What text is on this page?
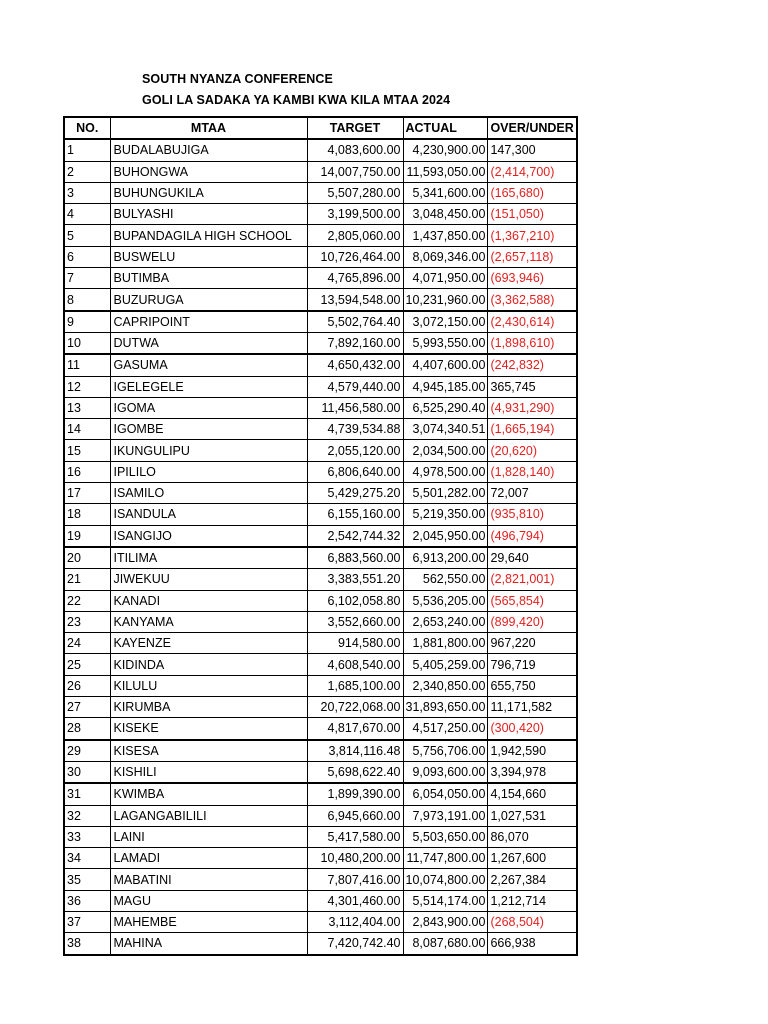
SOUTH NYANZA CONFERENCE
GOLI LA SADAKA YA KAMBI KWA KILA MTAA 2024
NO.	MTAA	TARGET	ACTUAL	OVER/UNDER
1	BUDALABUJIGA	4,083,600.00	4,230,900.00	147,300
2	BUHONGWA	14,007,750.00	11,593,050.00	(2,414,700)
3	BUHUNGUKILA	5,507,280.00	5,341,600.00	(165,680)
4	BULYASHI	3,199,500.00	3,048,450.00	(151,050)
5	BUPANDAGILA HIGH SCHOOL	2,805,060.00	1,437,850.00	(1,367,210)
6	BUSWELU	10,726,464.00	8,069,346.00	(2,657,118)
7	BUTIMBA	4,765,896.00	4,071,950.00	(693,946)
8	BUZURUGA	13,594,548.00	10,231,960.00	(3,362,588)
9	CAPRIPOINT	5,502,764.40	3,072,150.00	(2,430,614)
10	DUTWA	7,892,160.00	5,993,550.00	(1,898,610)
11	GASUMA	4,650,432.00	4,407,600.00	(242,832)
12	IGELEGELE	4,579,440.00	4,945,185.00	365,745
13	IGOMA	11,456,580.00	6,525,290.40	(4,931,290)
14	IGOMBE	4,739,534.88	3,074,340.51	(1,665,194)
15	IKUNGULIPU	2,055,120.00	2,034,500.00	(20,620)
16	IPILILO	6,806,640.00	4,978,500.00	(1,828,140)
17	ISAMILO	5,429,275.20	5,501,282.00	72,007
18	ISANDULA	6,155,160.00	5,219,350.00	(935,810)
19	ISANGIJO	2,542,744.32	2,045,950.00	(496,794)
20	ITILIMA	6,883,560.00	6,913,200.00	29,640
21	JIWEKUU	3,383,551.20	562,550.00	(2,821,001)
22	KANADI	6,102,058.80	5,536,205.00	(565,854)
23	KANYAMA	3,552,660.00	2,653,240.00	(899,420)
24	KAYENZE	914,580.00	1,881,800.00	967,220
25	KIDINDA	4,608,540.00	5,405,259.00	796,719
26	KILULU	1,685,100.00	2,340,850.00	655,750
27	KIRUMBA	20,722,068.00	31,893,650.00	11,171,582
28	KISEKE	4,817,670.00	4,517,250.00	(300,420)
29	KISESA	3,814,116.48	5,756,706.00	1,942,590
30	KISHILI	5,698,622.40	9,093,600.00	3,394,978
31	KWIMBA	1,899,390.00	6,054,050.00	4,154,660
32	LAGANGABILILI	6,945,660.00	7,973,191.00	1,027,531
33	LAINI	5,417,580.00	5,503,650.00	86,070
34	LAMADI	10,480,200.00	11,747,800.00	1,267,600
35	MABATINI	7,807,416.00	10,074,800.00	2,267,384
36	MAGU	4,301,460.00	5,514,174.00	1,212,714
37	MAHEMBE	3,112,404.00	2,843,900.00	(268,504)
38	MAHINA	7,420,742.40	8,087,680.00	666,938
